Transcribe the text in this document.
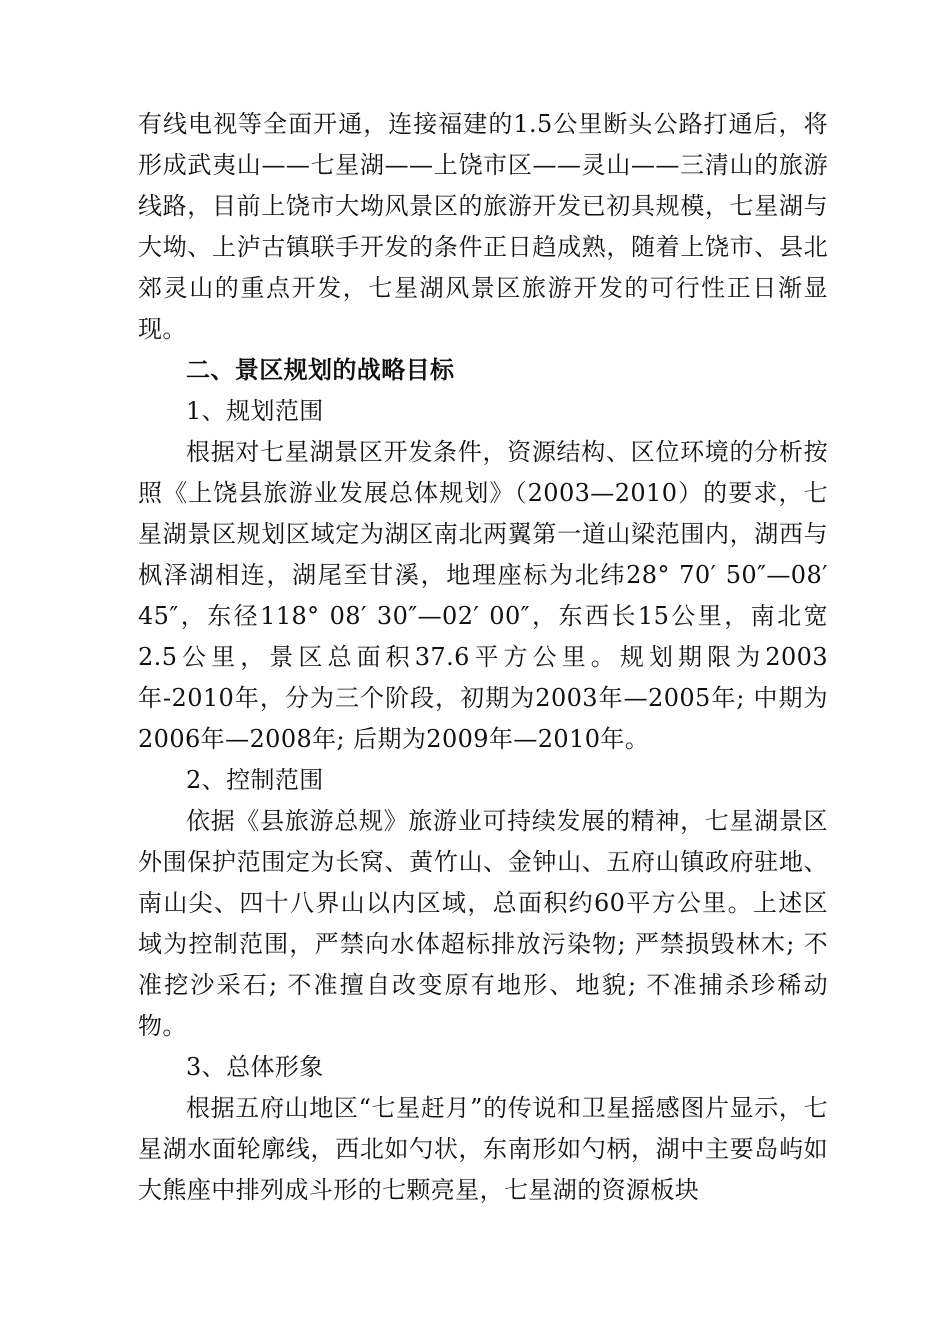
有线电视等全面开通，连接福建的1.5公里断头公路打通后，将形成武夷山——七星湖——上饶市区——灵山——三清山的旅游线路，目前上饶市大坳风景区的旅游开发已初具规模，七星湖与大坳、上泸古镇联手开发的条件正日趋成熟，随着上饶市、县北郊灵山的重点开发，七星湖风景区旅游开发的可行性正日渐显现。

二、景区规划的战略目标

1、规划范围

根据对七星湖景区开发条件，资源结构、区位环境的分析按照《上饶县旅游业发展总体规划》（2003—2010）的要求，七星湖景区规划区域定为湖区南北两翼第一道山梁范围内，湖西与枫泽湖相连，湖尾至甘溪，地理座标为北纬28° 70′ 50″—08′ 45″，东径118° 08′ 30″—02′ 00″，东西长15公里，南北宽2.5公里，景区总面积37.6平方公里。规划期限为2003年-2010年，分为三个阶段，初期为2003年—2005年; 中期为2006年—2008年; 后期为2009年—2010年。

2、控制范围

依据《县旅游总规》旅游业可持续发展的精神，七星湖景区外围保护范围定为长窝、黄竹山、金钟山、五府山镇政府驻地、南山尖、四十八界山以内区域，总面积约60平方公里。上述区域为控制范围，严禁向水体超标排放污染物; 严禁损毁林木; 不准挖沙采石; 不准擅自改变原有地形、地貌; 不准捕杀珍稀动物。

3、总体形象

根据五府山地区“七星赶月”的传说和卫星摇感图片显示，七星湖水面轮廓线，西北如勺状，东南形如勺柄，湖中主要岛屿如大熊座中排列成斗形的七颗亮星，七星湖的资源板块
